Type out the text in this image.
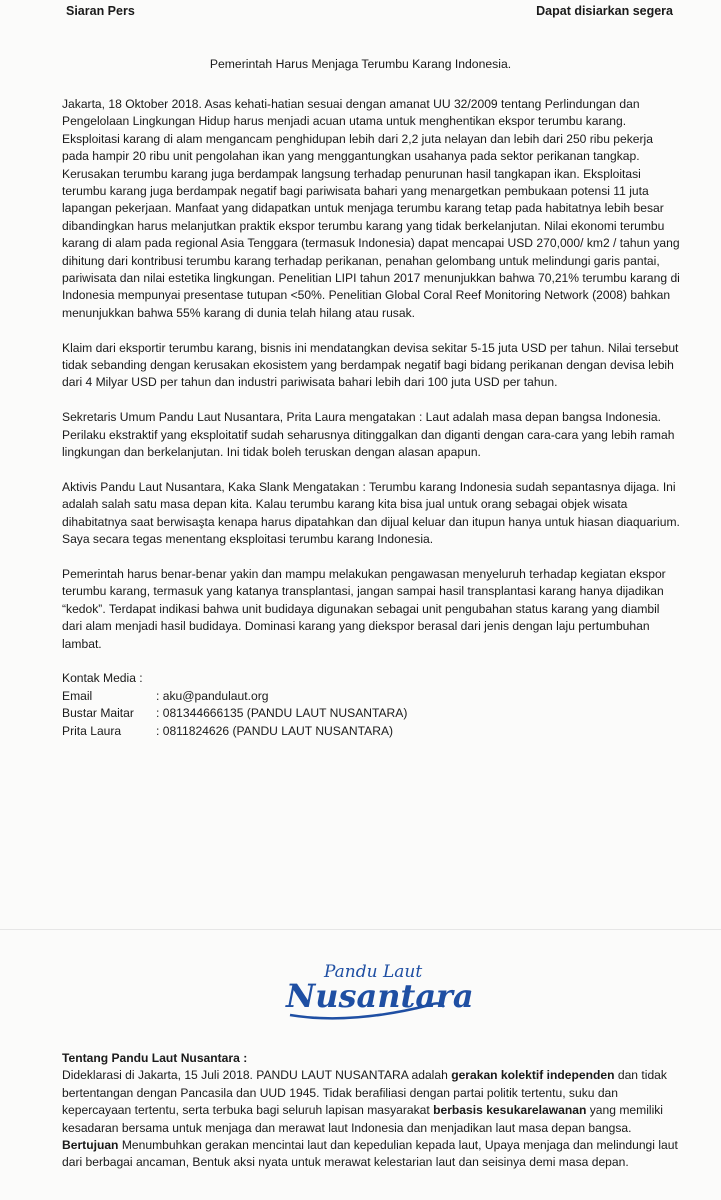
Siaran Pers	Dapat disiarkan segera
Pemerintah Harus Menjaga Terumbu Karang Indonesia.

Jakarta, 18 Oktober 2018. Asas kehati-hatian sesuai dengan amanat UU 32/2009 tentang Perlindungan dan Pengelolaan Lingkungan Hidup harus menjadi acuan utama untuk menghentikan ekspor terumbu karang. Eksploitasi karang di alam mengancam penghidupan lebih dari 2,2 juta nelayan dan lebih dari 250 ribu pekerja pada hampir 20 ribu unit pengolahan ikan yang menggantungkan usahanya pada sektor perikanan tangkap. Kerusakan terumbu karang juga berdampak langsung terhadap penurunan hasil tangkapan ikan. Eksploitasi terumbu karang juga berdampak negatif bagi pariwisata bahari yang menargetkan pembukaan potensi 11 juta lapangan pekerjaan. Manfaat yang didapatkan untuk menjaga terumbu karang tetap pada habitatnya lebih besar dibandingkan harus melanjutkan praktik ekspor terumbu karang yang tidak berkelanjutan. Nilai ekonomi terumbu karang di alam pada regional Asia Tenggara (termasuk Indonesia) dapat mencapai USD 270,000/ km2 / tahun yang dihitung dari kontribusi terumbu karang terhadap perikanan, penahan gelombang untuk melindungi garis pantai, pariwisata dan nilai estetika lingkungan. Penelitian LIPI tahun 2017 menunjukkan bahwa 70,21% terumbu karang di Indonesia mempunyai presentase tutupan <50%. Penelitian Global Coral Reef Monitoring Network (2008) bahkan menunjukkan bahwa 55% karang di dunia telah hilang atau rusak.

Klaim dari eksportir terumbu karang, bisnis ini mendatangkan devisa sekitar 5-15 juta USD per tahun. Nilai tersebut tidak sebanding dengan kerusakan ekosistem yang berdampak negatif bagi bidang perikanan dengan devisa lebih dari 4 Milyar USD per tahun dan industri pariwisata bahari lebih dari 100 juta USD per tahun.

Sekretaris Umum Pandu Laut Nusantara, Prita Laura mengatakan : Laut adalah masa depan bangsa Indonesia. Perilaku ekstraktif yang eksploitatif sudah seharusnya ditinggalkan dan diganti dengan cara-cara yang lebih ramah lingkungan dan berkelanjutan. Ini tidak boleh teruskan dengan alasan apapun.

Aktivis Pandu Laut Nusantara, Kaka Slank Mengatakan : Terumbu karang Indonesia sudah sepantasnya dijaga. Ini adalah salah satu masa depan kita. Kalau terumbu karang kita bisa jual untuk orang sebagai objek wisata dihabitatnya saat berwisaşta kenapa harus dipatahkan dan dijual keluar dan itupun hanya untuk hiasan diaquarium. Saya secara tegas menentang eksploitasi terumbu karang Indonesia.

Pemerintah harus benar-benar yakin dan mampu melakukan pengawasan menyeluruh terhadap kegiatan ekspor terumbu karang, termasuk yang katanya transplantasi, jangan sampai hasil transplantasi karang hanya dijadikan “kedok”. Terdapat indikasi bahwa unit budidaya digunakan sebagai unit pengubahan status karang yang diambil dari alam menjadi hasil budidaya. Dominasi karang yang diekspor berasal dari jenis dengan laju pertumbuhan lambat.

Kontak Media :
Email	: aku@pandulaut.org
Bustar Maitar	: 081344666135 (PANDU LAUT NUSANTARA)
Prita Laura	: 0811824626 (PANDU LAUT NUSANTARA)
Pandu Laut
Nusantara
Tentang Pandu Laut Nusantara :
Dideklarasi di Jakarta, 15 Juli 2018. PANDU LAUT NUSANTARA adalah gerakan kolektif independen dan tidak bertentangan dengan Pancasila dan UUD 1945. Tidak berafiliasi dengan partai politik tertentu, suku dan kepercayaan tertentu, serta terbuka bagi seluruh lapisan masyarakat berbasis kesukarelawanan yang memiliki kesadaran bersama untuk menjaga dan merawat laut Indonesia dan menjadikan laut masa depan bangsa. Bertujuan Menumbuhkan gerakan mencintai laut dan kepedulian kepada laut, Upaya menjaga dan melindungi laut dari berbagai ancaman, Bentuk aksi nyata untuk merawat kelestarian laut dan seisinya demi masa depan.
